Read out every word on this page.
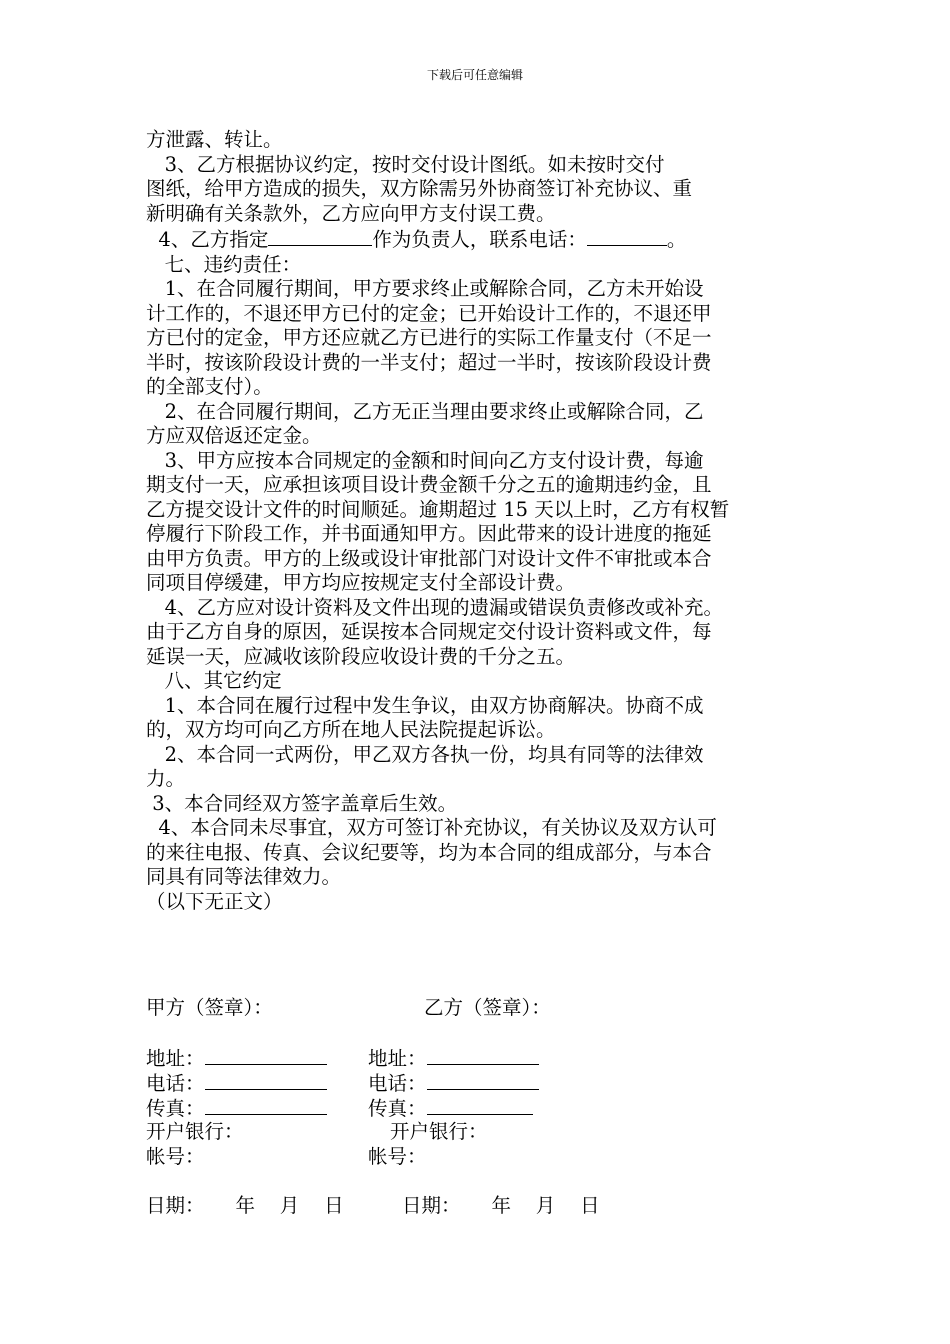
下载后可任意编辑

方泄露、转让。

3、乙方根据协议约定，按时交付设计图纸。如未按时交付

图纸，给甲方造成的损失，双方除需另外协商签订补充协议、重

新明确有关条款外，乙方应向甲方支付误工费。

4、乙方指定	作为负责人，联系电话：	。

七、违约责任：

1、在合同履行期间，甲方要求终止或解除合同，乙方未开始设

计工作的，不退还甲方已付的定金；已开始设计工作的，不退还甲

方已付的定金，甲方还应就乙方已进行的实际工作量支付（不足一

半时，按该阶段设计费的一半支付；超过一半时，按该阶段设计费

的全部支付）。

2、在合同履行期间，乙方无正当理由要求终止或解除合同，乙

方应双倍返还定金。

3、甲方应按本合同规定的金额和时间向乙方支付设计费，每逾

期支付一天，应承担该项目设计费金额千分之五的逾期违约金，且

乙方提交设计文件的时间顺延。逾期超过 15 天以上时，乙方有权暂

停履行下阶段工作，并书面通知甲方。因此带来的设计进度的拖延

由甲方负责。甲方的上级或设计审批部门对设计文件不审批或本合

同项目停缓建，甲方均应按规定支付全部设计费。

4、乙方应对设计资料及文件出现的遗漏或错误负责修改或补充。

由于乙方自身的原因，延误按本合同规定交付设计资料或文件，每

延误一天，应减收该阶段应收设计费的千分之五。

八、其它约定

1、本合同在履行过程中发生争议，由双方协商解决。协商不成

的，双方均可向乙方所在地人民法院提起诉讼。

2、本合同一式两份，甲乙双方各执一份，均具有同等的法律效

力。

3、本合同经双方签字盖章后生效。

4、本合同未尽事宜，双方可签订补充协议，有关协议及双方认可

的来往电报、传真、会议纪要等，均为本合同的组成部分，与本合

同具有同等法律效力。

（以下无正文）

甲方（签章）：	乙方（签章）：
地址：	地址：
电话：	电话：
传真：	传真：
开户银行：	开户银行：
帐号：	帐号：
日期：     年    月    日	日期：     年    月    日
